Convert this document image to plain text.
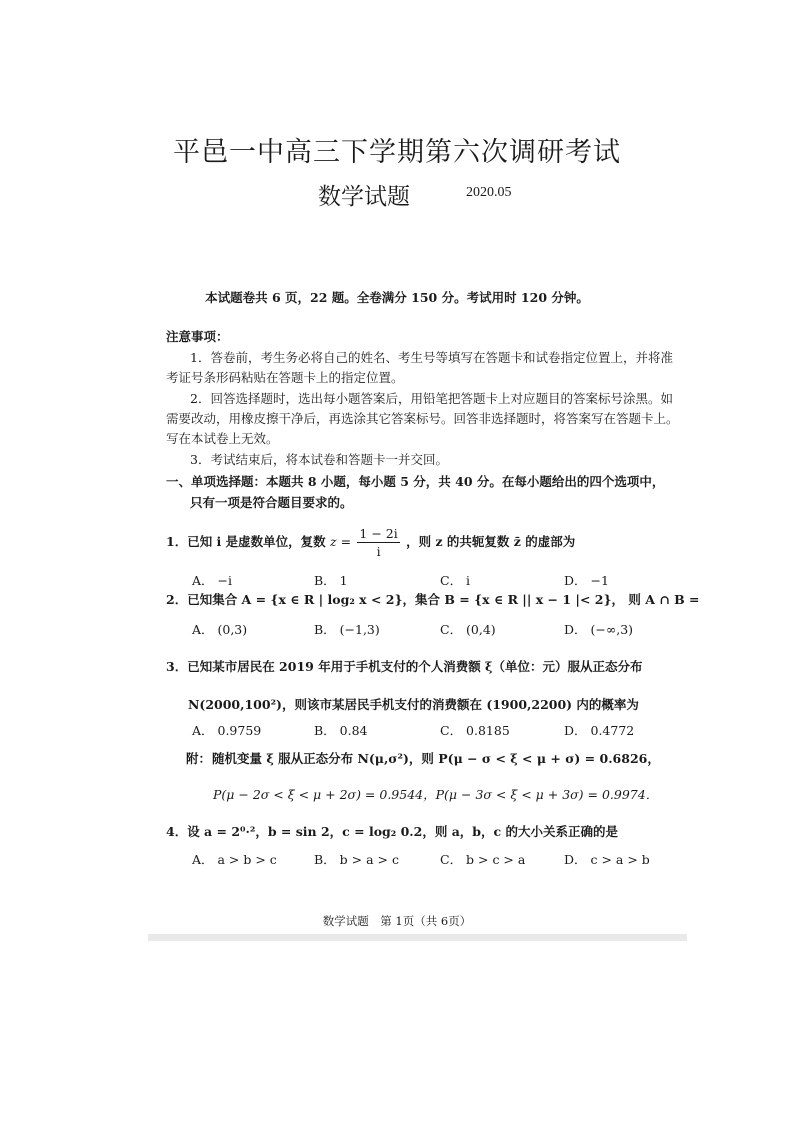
平邑一中高三下学期第六次调研考试
数学试题	2020.05
本试题卷共 6 页，22 题。全卷满分 150 分。考试用时 120 分钟。
注意事项：
1．答卷前，考生务必将自己的姓名、考生号等填写在答题卡和试卷指定位置上，并将准
考证号条形码粘贴在答题卡上的指定位置。
2．回答选择题时，选出每小题答案后，用铅笔把答题卡上对应题目的答案标号涂黑。如
需要改动，用橡皮擦干净后，再选涂其它答案标号。回答非选择题时，将答案写在答题卡上。
写在本试卷上无效。
3．考试结束后，将本试卷和答题卡一并交回。
一、单项选择题：本题共 8 小题，每小题 5 分，共 40 分。在每小题给出的四个选项中，
只有一项是符合题目要求的。
1．已知 i 是虚数单位，复数 $z = \frac{1 - 2i}{i}$ ，则 z 的共轭复数 z̄ 的虚部为
A． −i	B． 1	C． i	D． −1
2．已知集合 A = {x ∈ R | log₂ x < 2}，集合 B = {x ∈ R || x − 1 |< 2}， 则 A ∩ B =
A． (0,3)	B． (−1,3)	C． (0,4)	D． (−∞,3)
3．已知某市居民在 2019 年用于手机支付的个人消费额 ξ（单位：元）服从正态分布
N(2000,100²)，则该市某居民手机支付的消费额在 (1900,2200) 内的概率为
A． 0.9759	B． 0.84	C． 0.8185	D． 0.4772
附： 随机变量 ξ 服从正态分布 N(μ,σ²)，则 P(μ − σ < ξ < μ + σ) = 0.6826，
P(μ − 2σ < ξ < μ + 2σ) = 0.9544，P(μ − 3σ < ξ < μ + 3σ) = 0.9974．
4．设 a = 2⁰·²，b = sin 2，c = log₂ 0.2，则 a，b，c 的大小关系正确的是
A． a > b > c	B． b > a > c	C． b > c > a	D． c > a > b
数学试题　第 1页（共 6页）
